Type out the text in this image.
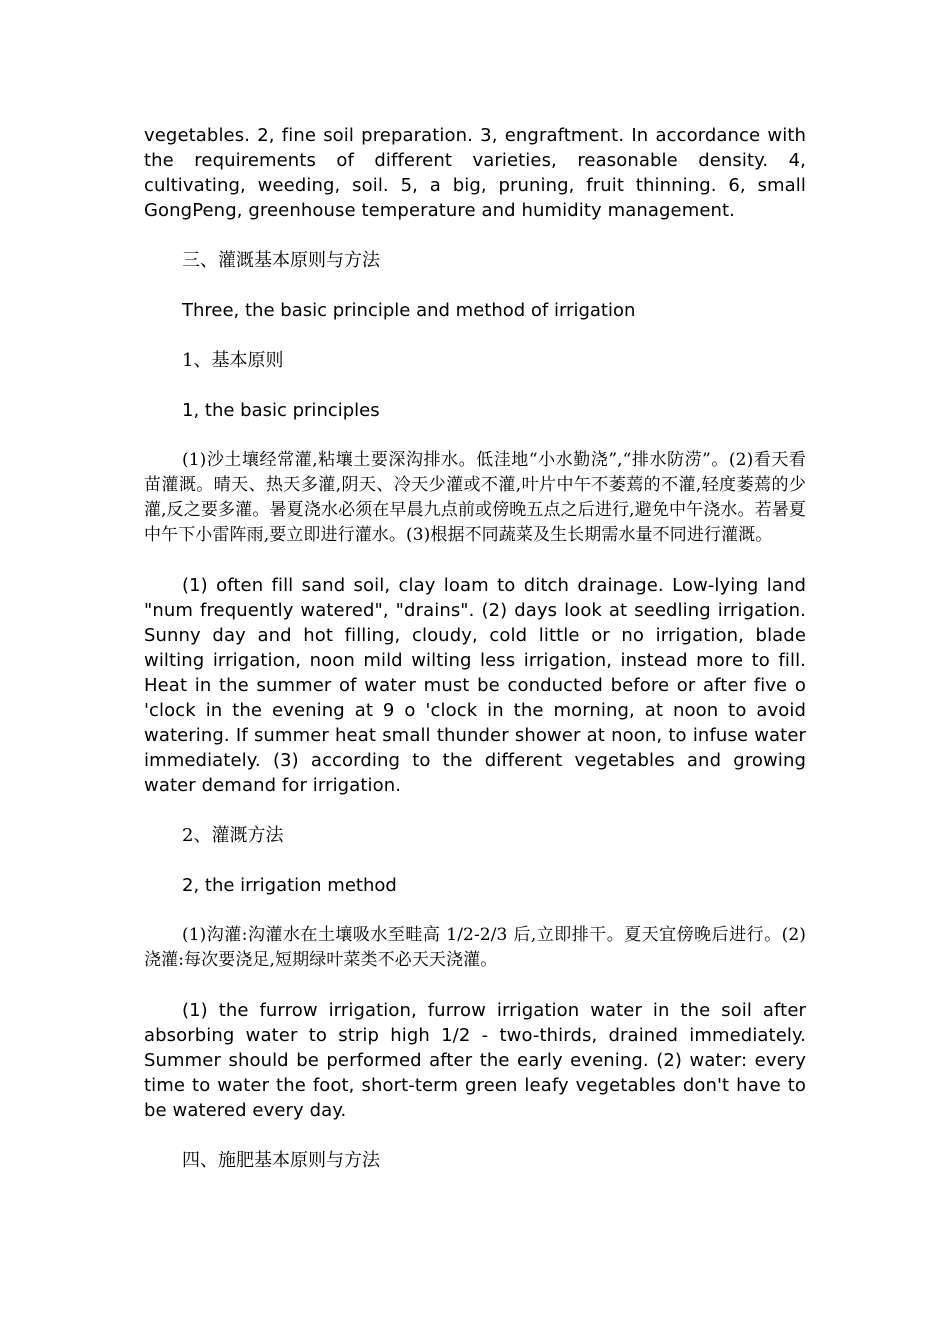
vegetables. 2, fine soil preparation. 3, engraftment. In accordance with the requirements of different varieties, reasonable density. 4, cultivating, weeding, soil. 5, a big, pruning, fruit thinning. 6, small GongPeng, greenhouse temperature and humidity management.

三、灌溉基本原则与方法

Three, the basic principle and method of irrigation

1、基本原则

1, the basic principles

(1)沙土壤经常灌,粘壤土要深沟排水。低洼地“小水勤浇”,“排水防涝”。(2)看天看苗灌溉。晴天、热天多灌,阴天、冷天少灌或不灌,叶片中午不萎蔫的不灌,轻度萎蔫的少灌,反之要多灌。暑夏浇水必须在早晨九点前或傍晚五点之后进行,避免中午浇水。若暑夏中午下小雷阵雨,要立即进行灌水。(3)根据不同蔬菜及生长期需水量不同进行灌溉。

(1) often fill sand soil, clay loam to ditch drainage. Low-lying land "num frequently watered", "drains". (2) days look at seedling irrigation. Sunny day and hot filling, cloudy, cold little or no irrigation, blade wilting irrigation, noon mild wilting less irrigation, instead more to fill. Heat in the summer of water must be conducted before or after five o 'clock in the evening at 9 o 'clock in the morning, at noon to avoid watering. If summer heat small thunder shower at noon, to infuse water immediately. (3) according to the different vegetables and growing water demand for irrigation.

2、灌溉方法

2, the irrigation method

(1)沟灌:沟灌水在土壤吸水至畦高 1/2-2/3 后,立即排干。夏天宜傍晚后进行。(2)浇灌:每次要浇足,短期绿叶菜类不必天天浇灌。

(1) the furrow irrigation, furrow irrigation water in the soil after absorbing water to strip high 1/2 - two-thirds, drained immediately. Summer should be performed after the early evening. (2) water: every time to water the foot, short-term green leafy vegetables don't have to be watered every day.

四、施肥基本原则与方法
